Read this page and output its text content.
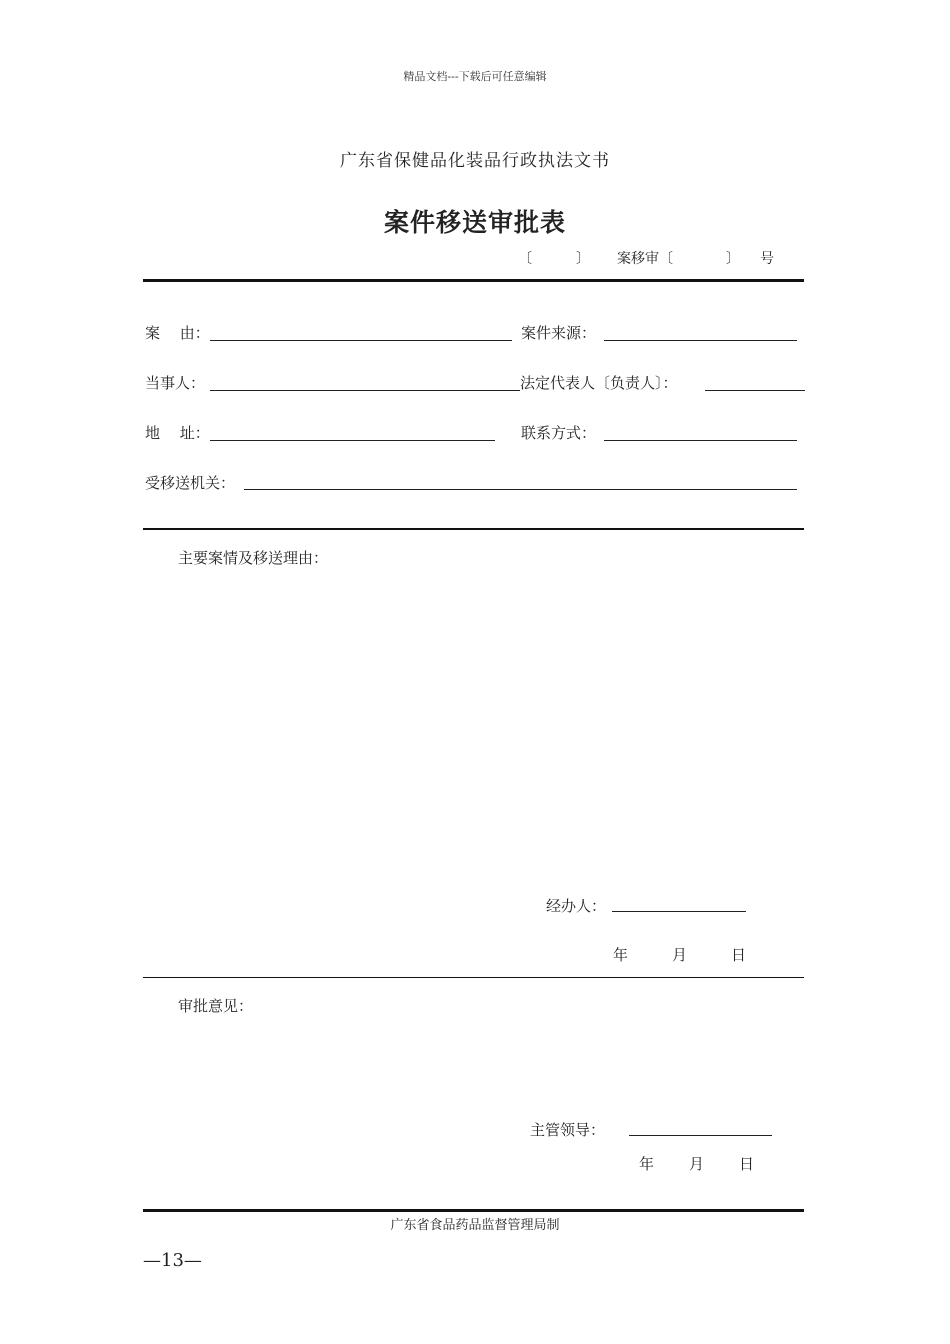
精品文档---下载后可任意编辑
广东省保健品化装品行政执法文书
案件移送审批表
〔	〕 案移审〔	〕 号
案　 由：	案件来源：
当事人：	法定代表人〔负责人〕：
地　 址：	联系方式：
受移送机关：
主要案情及移送理由：
经办人：
年	月	日
审批意见：
主管领导：
年 月 日
广东省食品药品监督管理局制
—13—
